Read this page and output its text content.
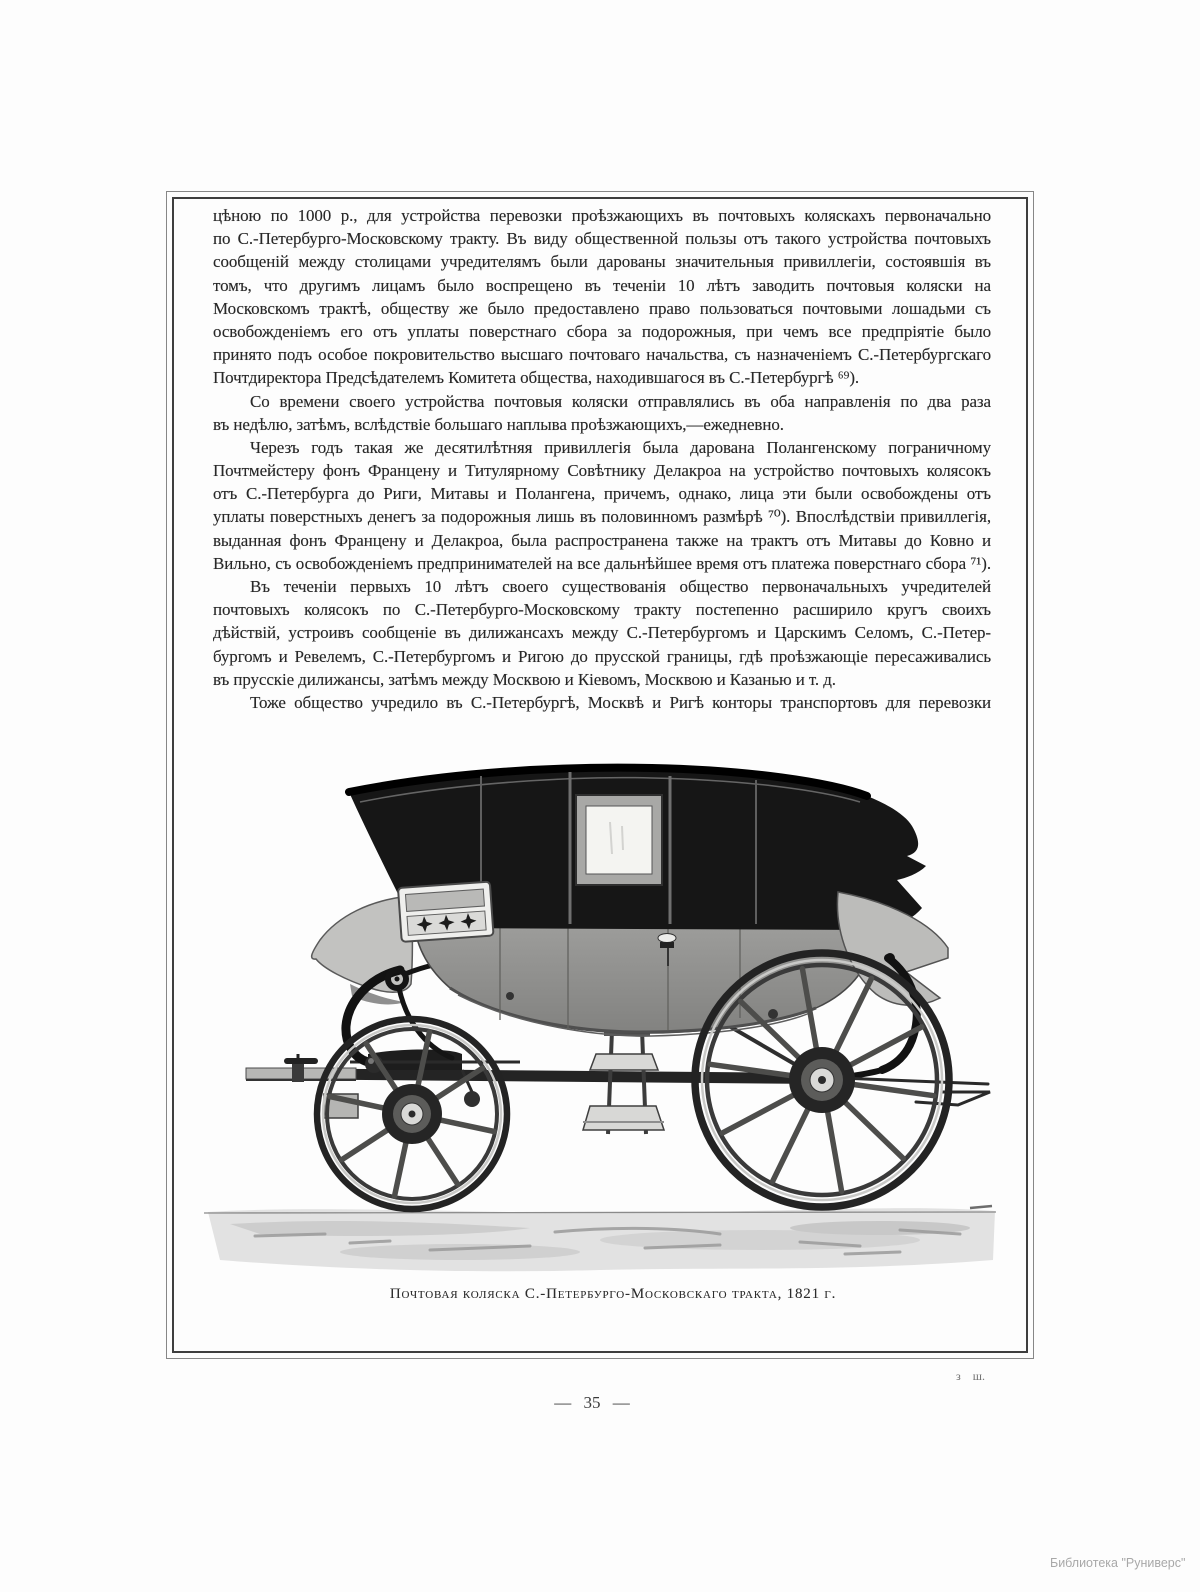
цѣною по 1000 р., для устройства перевозки проѣзжающихъ въ почтовыхъ коляскахъ первоначально
по С.-Петербурго-Московскому тракту. Въ виду общественной пользы отъ такого устройства почтовыхъ
сообщеній между столицами учредителямъ были дарованы значительныя привиллегіи, состоявшія въ
томъ, что другимъ лицамъ было воспрещено въ теченіи 10 лѣтъ заводить почтовыя коляски на
Московскомъ трактѣ, обществу же было предоставлено право пользоваться почтовыми лошадьми съ
освобожденіемъ его отъ уплаты поверстнаго сбора за подорожныя, при чемъ все предпріятіе было
принято подъ особое покровительство высшаго почтоваго начальства, съ назначеніемъ С.-Петербургскаго
Почтдиректора Предсѣдателемъ Комитета общества, находившагося въ С.-Петербургѣ ⁶⁹).
Со времени своего устройства почтовыя коляски отправлялись въ оба направленія по два раза
въ недѣлю, затѣмъ, вслѣдствіе большаго наплыва проѣзжающихъ,—ежедневно.
Черезъ годъ такая же десятилѣтняя привиллегія была дарована Полангенскому пограничному
Почтмейстеру фонъ Францену и Титулярному Совѣтнику Делакроа на устройство почтовыхъ колясокъ
отъ С.-Петербурга до Риги, Митавы и Полангена, причемъ, однако, лица эти были освобождены отъ
уплаты поверстныхъ денегъ за подорожныя лишь въ половинномъ размѣрѣ ⁷⁰). Впослѣдствіи привиллегія,
выданная фонъ Францену и Делакроа, была распространена также на трактъ отъ Митавы до Ковно и
Вильно, съ освобожденіемъ предпринимателей на все дальнѣйшее время отъ платежа поверстнаго сбора ⁷¹).
Въ теченіи первыхъ 10 лѣтъ своего существованія общество первоначальныхъ учредителей
почтовыхъ колясокъ по С.-Петербурго-Московскому тракту постепенно расширило кругъ своихъ
дѣйствій, устроивъ сообщеніе въ дилижансахъ между С.-Петербургомъ и Царскимъ Селомъ, С.-Петер-
бургомъ и Ревелемъ, С.-Петербургомъ и Ригою до прусской границы, гдѣ проѣзжающіе пересаживались
въ прусскіе дилижансы, затѣмъ между Москвою и Кіевомъ, Москвою и Казанью и т. д.
Тоже общество учредило въ С.-Петербургѣ, Москвѣ и Ригѣ конторы транспортовъ для перевозки
Почтовая коляска С.-Петербурго-Московскаго тракта, 1821 г.
з ш.
— 35 —
Библиотека "Руниверс"
